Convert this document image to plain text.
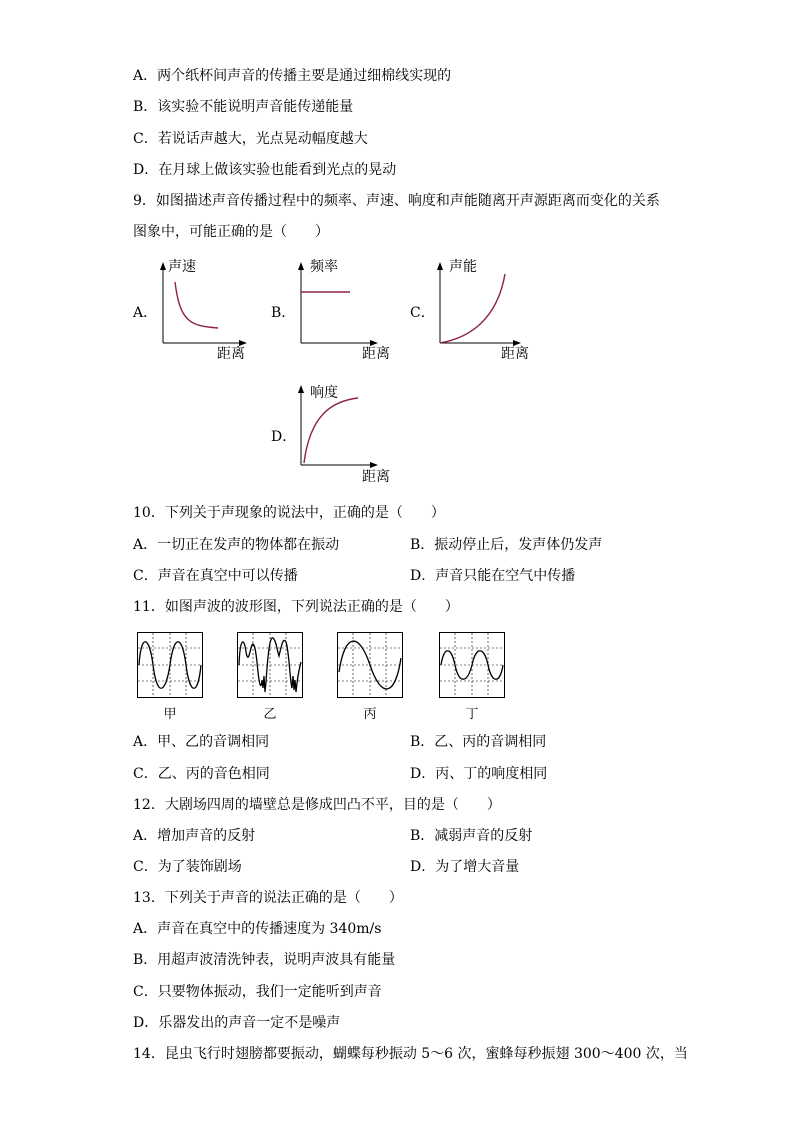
A．两个纸杯间声音的传播主要是通过细棉线实现的
B．该实验不能说明声音能传递能量
C．若说话声越大，光点晃动幅度越大
D．在月球上做该实验也能看到光点的晃动
9．如图描述声音传播过程中的频率、声速、响度和声能随离开声源距离而变化的关系
图象中，可能正确的是（　　）
A．
声速
距离
B．
频率
距离
C．
声能
距离
D．
响度
距离
10．下列关于声现象的说法中，正确的是（　　）
A．一切正在发声的物体都在振动	B．振动停止后，发声体仍发声
C．声音在真空中可以传播	D．声音只能在空气中传播
11．如图声波的波形图，下列说法正确的是（　　）
甲	乙	丙	丁
A．甲、乙的音调相同	B．乙、丙的音调相同
C．乙、丙的音色相同	D．丙、丁的响度相同
12．大剧场四周的墙壁总是修成凹凸不平，目的是（　　）
A．增加声音的反射	B．减弱声音的反射
C．为了装饰剧场	D．为了增大音量
13．下列关于声音的说法正确的是（　　）
A．声音在真空中的传播速度为 340m/s
B．用超声波清洗钟表，说明声波具有能量
C．只要物体振动，我们一定能听到声音
D．乐器发出的声音一定不是噪声
14．昆虫飞行时翅膀都要振动，蝴蝶每秒振动 5～6 次，蜜蜂每秒振翅 300～400 次，当
